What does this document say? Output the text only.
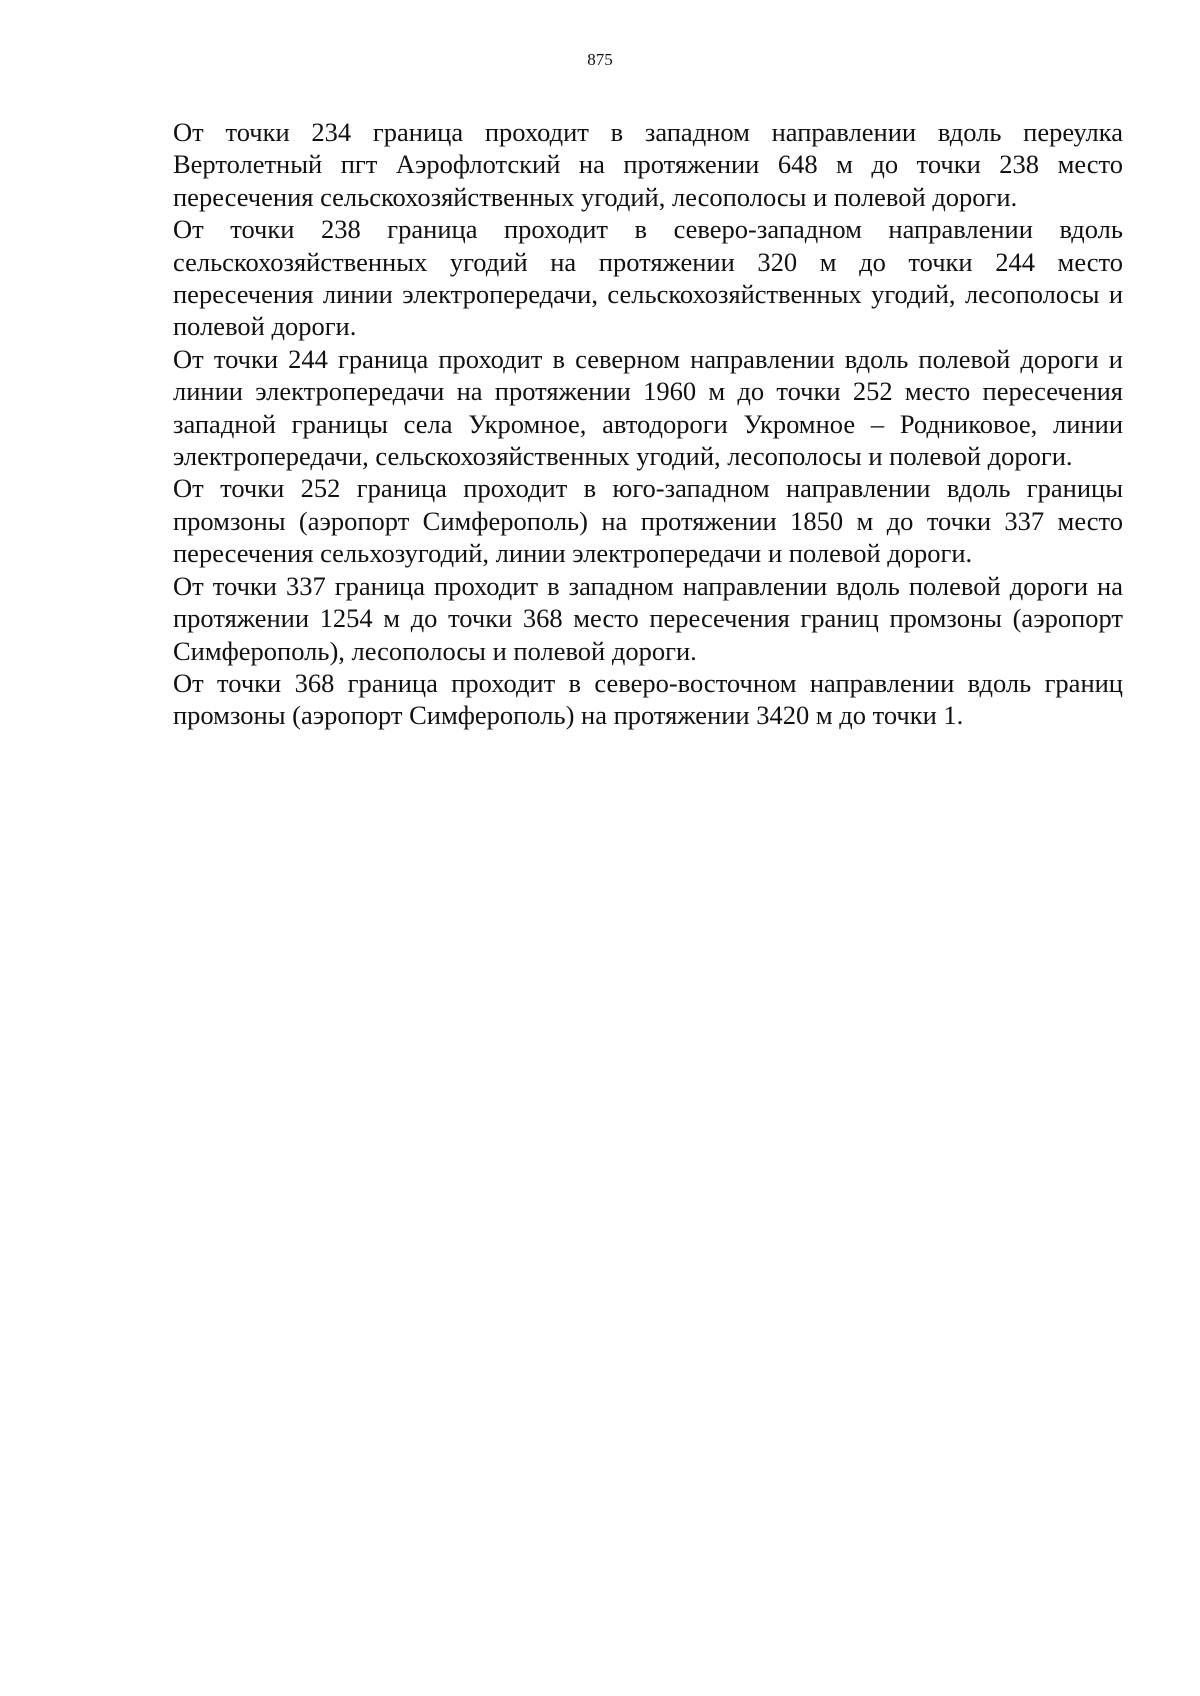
875

От точки 234 граница проходит в западном направлении вдоль переулка Вертолетный пгт Аэрофлотский на протяжении 648 м до точки 238 место пересечения сельскохозяйственных угодий, лесополосы и полевой дороги.

От точки 238 граница проходит в северо-западном направлении вдоль сельскохозяйственных угодий на протяжении 320 м до точки 244 место пересечения линии электропередачи, сельскохозяйственных угодий, лесополосы и полевой дороги.

От точки 244 граница проходит в северном направлении вдоль полевой дороги и линии электропередачи на протяжении 1960 м до точки 252 место пересечения западной границы села Укромное, автодороги Укромное – Родниковое, линии электропередачи, сельскохозяйственных угодий, лесополосы и полевой дороги.

От точки 252 граница проходит в юго-западном направлении вдоль границы промзоны (аэропорт Симферополь) на протяжении 1850 м до точки 337 место пересечения сельхозугодий, линии электропередачи и полевой дороги.

От точки 337 граница проходит в западном направлении вдоль полевой дороги на протяжении 1254 м до точки 368 место пересечения границ промзоны (аэропорт Симферополь), лесополосы и полевой дороги.

От точки 368 граница проходит в северо-восточном направлении вдоль границ промзоны (аэропорт Симферополь) на протяжении 3420 м до точки 1.
